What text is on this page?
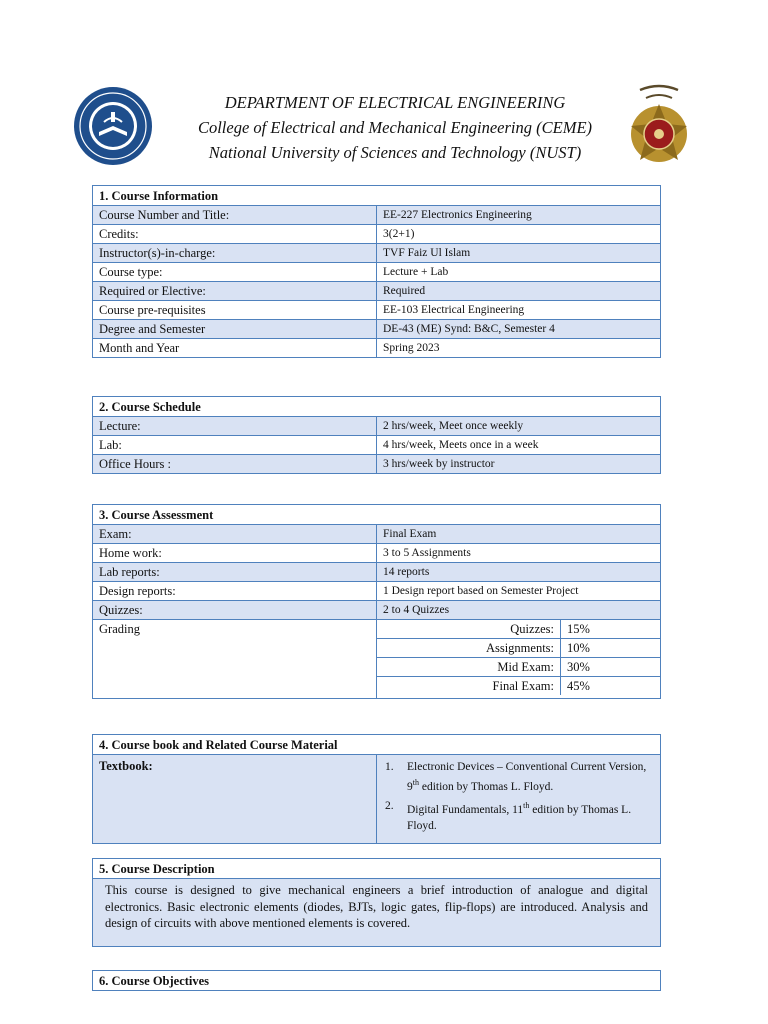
DEPARTMENT OF ELECTRICAL ENGINEERING
College of Electrical and Mechanical Engineering (CEME)
National University of Sciences and Technology (NUST)
1. Course Information	
Course Number and Title:	EE-227 Electronics Engineering
Credits:	3(2+1)
Instructor(s)-in-charge:	TVF Faiz Ul Islam
Course type:	Lecture + Lab
Required or Elective:	Required
Course pre-requisites	EE-103 Electrical Engineering
Degree and Semester	DE-43 (ME) Synd: B&C, Semester 4
Month and Year	Spring 2023
2. Course Schedule	
Lecture:	2 hrs/week, Meet once weekly
Lab:	4 hrs/week, Meets once in a week
Office Hours :	3 hrs/week by instructor
3. Course Assessment
Exam:	Final Exam
Home work:	3 to 5 Assignments
Lab reports:	14 reports
Design reports:	1 Design report based on Semester Project
Quizzes:	2 to 4 Quizzes
Grading		Quizzes:	15%
Assignments:	10%
Mid Exam:	30%
Final Exam:	45%
4. Course book and Related Course Material
Textbook:	1. Electronic Devices – Conventional Current Version, 9th edition by Thomas L. Floyd.
2. Digital Fundamentals, 11th edition by Thomas L. Floyd.
5. Course Description
This course is designed to give mechanical engineers a brief introduction of analogue and digital electronics. Basic electronic elements (diodes, BJTs, logic gates, flip-flops) are introduced. Analysis and design of circuits with above mentioned elements is covered.
6. Course Objectives
